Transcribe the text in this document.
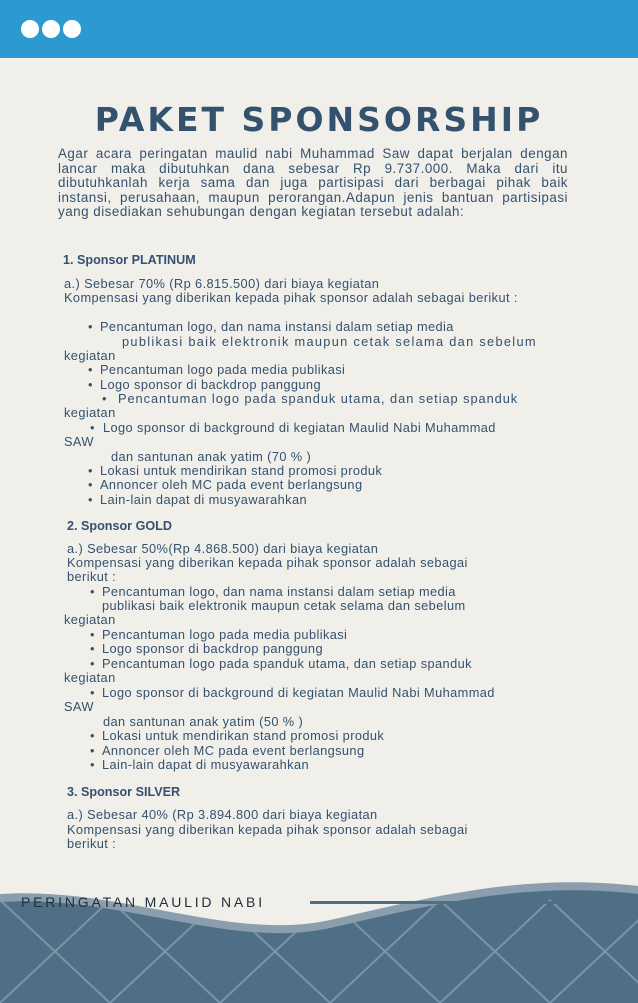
PAKET SPONSORSHIP
Agar acara peringatan maulid nabi Muhammad Saw dapat berjalan dengan lancar maka dibutuhkan dana sebesar Rp 9.737.000. Maka dari itu dibutuhkanlah kerja sama dan juga partisipasi dari berbagai pihak baik instansi, perusahaan, maupun perorangan.Adapun jenis bantuan partisipasi yang disediakan sehubungan dengan kegiatan tersebut adalah:
1. Sponsor PLATINUM
a.) Sebesar 70% (Rp 6.815.500) dari biaya kegiatan
Kompensasi yang diberikan kepada pihak sponsor adalah sebagai berikut :
• Pencantuman logo, dan nama instansi dalam setiap media
publikasi baik elektronik maupun cetak selama dan sebelum
kegiatan
• Pencantuman logo pada media publikasi
• Logo sponsor di backdrop panggung
• Pencantuman logo pada spanduk utama, dan setiap spanduk
kegiatan
• Logo sponsor di background di kegiatan Maulid Nabi Muhammad
SAW
dan santunan anak yatim (70 % )
• Lokasi untuk mendirikan stand promosi produk
• Annoncer oleh MC pada event berlangsung
• Lain-lain dapat di musyawarahkan
2. Sponsor GOLD
a.) Sebesar 50%(Rp 4.868.500) dari biaya kegiatan
Kompensasi yang diberikan kepada pihak sponsor adalah sebagai
berikut :
• Pencantuman logo, dan nama instansi dalam setiap media
publikasi baik elektronik maupun cetak selama dan sebelum
kegiatan
• Pencantuman logo pada media publikasi
• Logo sponsor di backdrop panggung
• Pencantuman logo pada spanduk utama, dan setiap spanduk
kegiatan
• Logo sponsor di background di kegiatan Maulid Nabi Muhammad
SAW
dan santunan anak yatim (50 % )
• Lokasi untuk mendirikan stand promosi produk
• Annoncer oleh MC pada event berlangsung
• Lain-lain dapat di musyawarahkan
3. Sponsor SILVER
a.) Sebesar 40% (Rp 3.894.800 dari biaya kegiatan
Kompensasi yang diberikan kepada pihak sponsor adalah sebagai
berikut :
PERINGATAN MAULID NABI
